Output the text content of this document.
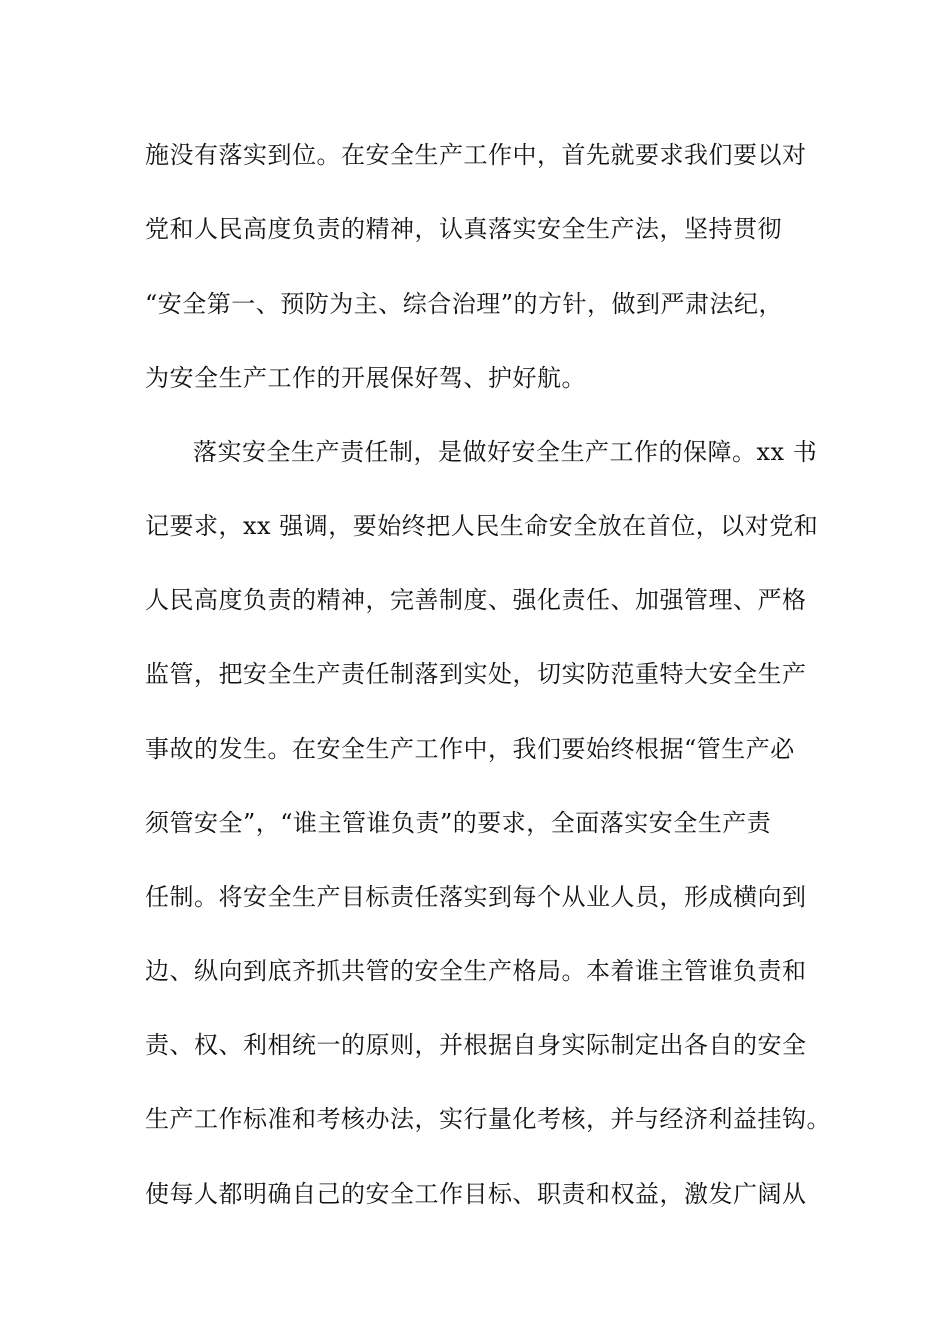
施没有落实到位。在安全生产工作中，首先就要求我们要以对
党和人民高度负责的精神，认真落实安全生产法，坚持贯彻
“安全第一、预防为主、综合治理”的方针，做到严肃法纪，
为安全生产工作的开展保好驾、护好航。
落实安全生产责任制，是做好安全生产工作的保障。xx 书
记要求，xx 强调，要始终把人民生命安全放在首位，以对党和
人民高度负责的精神，完善制度、强化责任、加强管理、严格
监管，把安全生产责任制落到实处，切实防范重特大安全生产
事故的发生。在安全生产工作中，我们要始终根据“管生产必
须管安全”，“谁主管谁负责”的要求，全面落实安全生产责
任制。将安全生产目标责任落实到每个从业人员，形成横向到
边、纵向到底齐抓共管的安全生产格局。本着谁主管谁负责和
责、权、利相统一的原则，并根据自身实际制定出各自的安全
生产工作标准和考核办法，实行量化考核，并与经济利益挂钩。
使每人都明确自己的安全工作目标、职责和权益，激发广阔从
